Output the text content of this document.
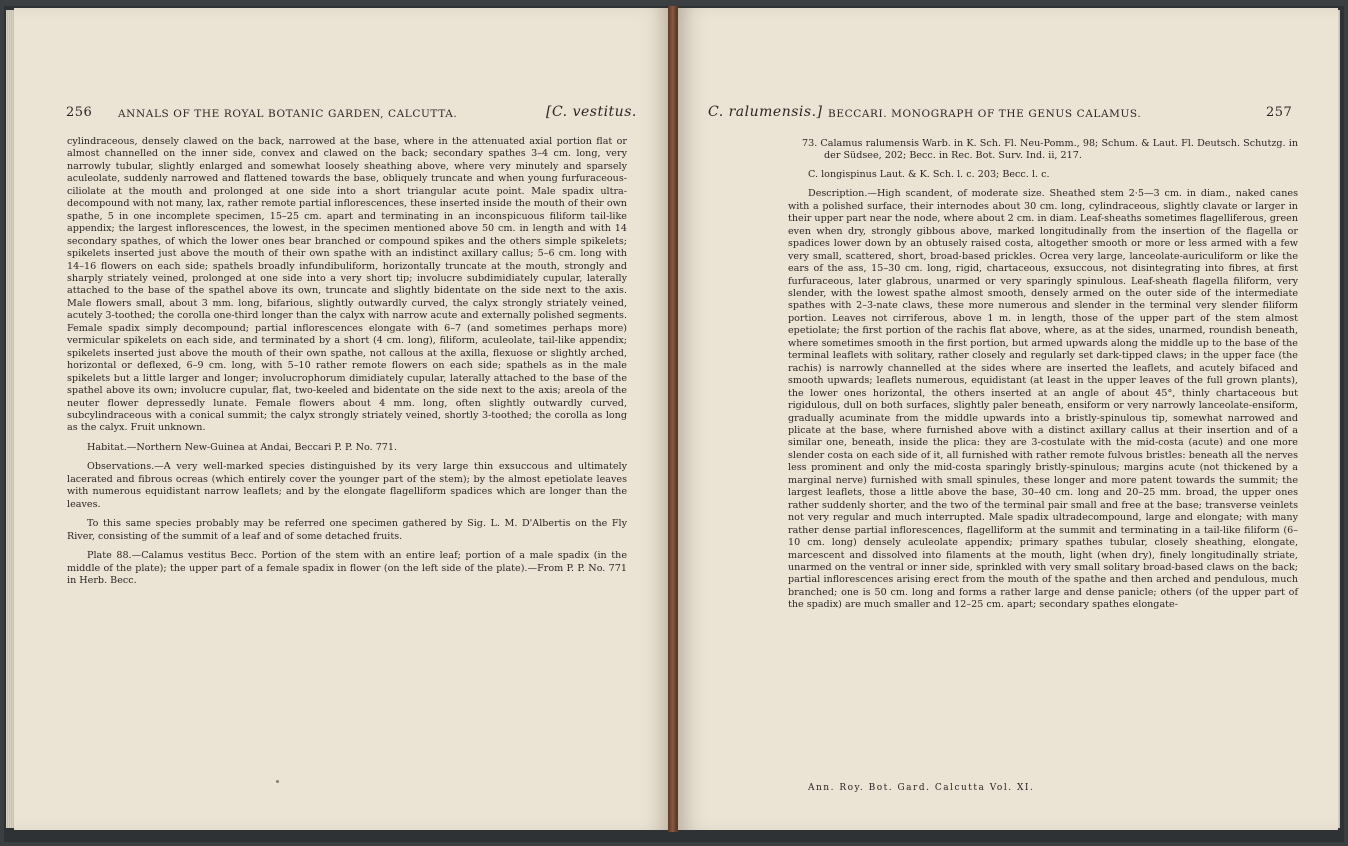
256 ANNALS OF THE ROYAL BOTANIC GARDEN, CALCUTTA.	[C. vestitus.

cylindraceous, densely clawed on the back, narrowed at the base, where in the attenuated axial portion flat or almost channelled on the inner side, convex and clawed on the back; secondary spathes 3–4 cm. long, very narrowly tubular, slightly enlarged and somewhat loosely sheathing above, where very minutely and sparsely aculeolate, suddenly narrowed and flattened towards the base, obliquely truncate and when young furfuraceous-ciliolate at the mouth and prolonged at one side into a short triangular acute point. Male spadix ultra-decompound with not many, lax, rather remote partial inflorescences, these inserted inside the mouth of their own spathe, 5 in one incomplete specimen, 15–25 cm. apart and terminating in an inconspicuous filiform tail-like appendix; the largest inflorescences, the lowest, in the specimen mentioned above 50 cm. in length and with 14 secondary spathes, of which the lower ones bear branched or compound spikes and the others simple spikelets; spikelets inserted just above the mouth of their own spathe with an indistinct axillary callus; 5–6 cm. long with 14–16 flowers on each side; spathels broadly infundibuliform, horizontally truncate at the mouth, strongly and sharply striately veined, prolonged at one side into a very short tip; involucre subdimidiately cupular, laterally attached to the base of the spathel above its own, truncate and slightly bidentate on the side next to the axis. Male flowers small, about 3 mm. long, bifarious, slightly outwardly curved, the calyx strongly striately veined, acutely 3-toothed; the corolla one-third longer than the calyx with narrow acute and externally polished segments. Female spadix simply decompound; partial inflorescences elongate with 6–7 (and sometimes perhaps more) vermicular spikelets on each side, and terminated by a short (4 cm. long), filiform, aculeolate, tail-like appendix; spikelets inserted just above the mouth of their own spathe, not callous at the axilla, flexuose or slightly arched, horizontal or deflexed, 6–9 cm. long, with 5–10 rather remote flowers on each side; spathels as in the male spikelets but a little larger and longer; involucrophorum dimidiately cupular, laterally attached to the base of the spathel above its own; involucre cupular, flat, two-keeled and bidentate on the side next to the axis; areola of the neuter flower depressedly lunate. Female flowers about 4 mm. long, often slightly outwardly curved, subcylindraceous with a conical summit; the calyx strongly striately veined, shortly 3-toothed; the corolla as long as the calyx. Fruit unknown.

Habitat.—Northern New-Guinea at Andai, Beccari P. P. No. 771.

Observations.—A very well-marked species distinguished by its very large thin exsuccous and ultimately lacerated and fibrous ocreas (which entirely cover the younger part of the stem); by the almost epetiolate leaves with numerous equidistant narrow leaflets; and by the elongate flagelliform spadices which are longer than the leaves.

To this same species probably may be referred one specimen gathered by Sig. L. M. D'Albertis on the Fly River, consisting of the summit of a leaf and of some detached fruits.

Plate 88.—Calamus vestitus Becc. Portion of the stem with an entire leaf; portion of a male spadix (in the middle of the plate); the upper part of a female spadix in flower (on the left side of the plate).—From P. P. No. 771 in Herb. Becc.

C. ralumensis.] BECCARI. MONOGRAPH OF THE GENUS CALAMUS.	257

73. Calamus ralumensis Warb. in K. Sch. Fl. Neu-Pomm., 98; Schum. & Laut. Fl. Deutsch. Schutzg. in der Südsee, 202; Becc. in Rec. Bot. Surv. Ind. ii, 217.

C. longispinus Laut. & K. Sch. l. c. 203; Becc. l. c.

Description.—High scandent, of moderate size. Sheathed stem 2·5—3 cm. in diam., naked canes with a polished surface, their internodes about 30 cm. long, cylindraceous, slightly clavate or larger in their upper part near the node, where about 2 cm. in diam. Leaf-sheaths sometimes flagelliferous, green even when dry, strongly gibbous above, marked longitudinally from the insertion of the flagella or spadices lower down by an obtusely raised costa, altogether smooth or more or less armed with a few very small, scattered, short, broad-based prickles. Ocrea very large, lanceolate-auriculiform or like the ears of the ass, 15–30 cm. long, rigid, chartaceous, exsuccous, not disintegrating into fibres, at first furfuraceous, later glabrous, unarmed or very sparingly spinulous. Leaf-sheath flagella filiform, very slender, with the lowest spathe almost smooth, densely armed on the outer side of the intermediate spathes with 2–3-nate claws, these more numerous and slender in the terminal very slender filiform portion. Leaves not cirriferous, above 1 m. in length, those of the upper part of the stem almost epetiolate; the first portion of the rachis flat above, where, as at the sides, unarmed, roundish beneath, where sometimes smooth in the first portion, but armed upwards along the middle up to the base of the terminal leaflets with solitary, rather closely and regularly set dark-tipped claws; in the upper face (the rachis) is narrowly channelled at the sides where are inserted the leaflets, and acutely bifaced and smooth upwards; leaflets numerous, equidistant (at least in the upper leaves of the full grown plants), the lower ones horizontal, the others inserted at an angle of about 45°, thinly chartaceous but rigidulous, dull on both surfaces, slightly paler beneath, ensiform or very narrowly lanceolate-ensiform, gradually acuminate from the middle upwards into a bristly-spinulous tip, somewhat narrowed and plicate at the base, where furnished above with a distinct axillary callus at their insertion and of a similar one, beneath, inside the plica: they are 3-costulate with the mid-costa (acute) and one more slender costa on each side of it, all furnished with rather remote fulvous bristles: beneath all the nerves less prominent and only the mid-costa sparingly bristly-spinulous; margins acute (not thickened by a marginal nerve) furnished with small spinules, these longer and more patent towards the summit; the largest leaflets, those a little above the base, 30–40 cm. long and 20–25 mm. broad, the upper ones rather suddenly shorter, and the two of the terminal pair small and free at the base; transverse veinlets not very regular and much interrupted. Male spadix ultradecompound, large and elongate; with many rather dense partial inflorescences, flagelliform at the summit and terminating in a tail-like filiform (6–10 cm. long) densely aculeolate appendix; primary spathes tubular, closely sheathing, elongate, marcescent and dissolved into filaments at the mouth, light (when dry), finely longitudinally striate, unarmed on the ventral or inner side, sprinkled with very small solitary broad-based claws on the back; partial inflorescences arising erect from the mouth of the spathe and then arched and pendulous, much branched; one is 50 cm. long and forms a rather large and dense panicle; others (of the upper part of the spadix) are much smaller and 12–25 cm. apart; secondary spathes elongate-

Ann. Roy. Bot. Gard. Calcutta Vol. XI.
